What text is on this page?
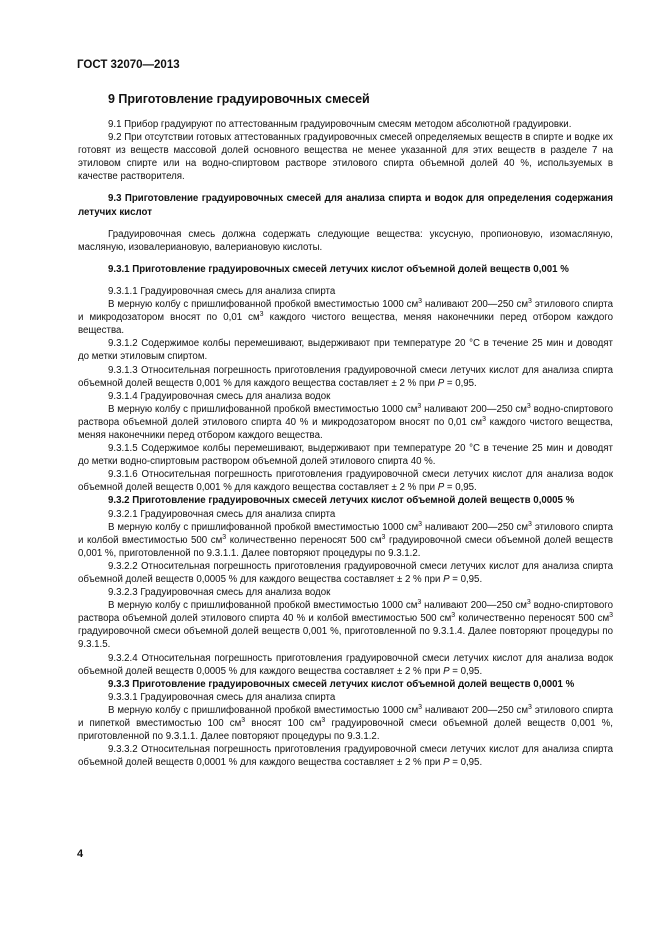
ГОСТ 32070—2013
9 Приготовление градуировочных смесей

9.1 Прибор градуируют по аттестованным градуировочным смесям методом абсолютной градуировки.

9.2 При отсутствии готовых аттестованных градуировочных смесей определяемых веществ в спирте и водке их готовят из веществ массовой долей основного вещества не менее указанной для этих веществ в разделе 7 на этиловом спирте или на водно-спиртовом растворе этилового спирта объемной долей 40 %, используемых в качестве растворителя.

9.3 Приготовление градуировочных смесей для анализа спирта и водок для определения содержания летучих кислот

Градуировочная смесь должна содержать следующие вещества: уксусную, пропионовую, изомасляную, масляную, изовалериановую, валериановую кислоты.

9.3.1 Приготовление градуировочных смесей летучих кислот объемной долей веществ 0,001 %

9.3.1.1 Градуировочная смесь для анализа спирта

В мерную колбу с пришлифованной пробкой вместимостью 1000 $см^3$ наливают 200—250 $см^3$ этилового спирта и микродозатором вносят по 0,01 $см^3$ каждого чистого вещества, меняя наконечники перед отбором каждого вещества.

9.3.1.2 Содержимое колбы перемешивают, выдерживают при температуре 20 °С в течение 25 мин и доводят до метки этиловым спиртом.

9.3.1.3 Относительная погрешность приготовления градуировочной смеси летучих кислот для анализа спирта объемной долей веществ 0,001 % для каждого вещества составляет ± 2 % при P = 0,95.

9.3.1.4 Градуировочная смесь для анализа водок

В мерную колбу с пришлифованной пробкой вместимостью 1000 $см^3$ наливают 200—250 $см^3$ водно-спиртового раствора объемной долей этилового спирта 40 % и микродозатором вносят по 0,01 $см^3$ каждого чистого вещества, меняя наконечники перед отбором каждого вещества.

9.3.1.5 Содержимое колбы перемешивают, выдерживают при температуре 20 °С в течение 25 мин и доводят до метки водно-спиртовым раствором объемной долей этилового спирта 40 %.

9.3.1.6 Относительная погрешность приготовления градуировочной смеси летучих кислот для анализа водок объемной долей веществ 0,001 % для каждого вещества составляет ± 2 % при P = 0,95.

9.3.2 Приготовление градуировочных смесей летучих кислот объемной долей веществ 0,0005 %

9.3.2.1 Градуировочная смесь для анализа спирта

В мерную колбу с пришлифованной пробкой вместимостью 1000 $см^3$ наливают 200—250 $см^3$ этилового спирта и колбой вместимостью 500 $см^3$ количественно переносят 500 $см^3$ градуировочной смеси объемной долей веществ 0,001 %, приготовленной по 9.3.1.1. Далее повторяют процедуры по 9.3.1.2.

9.3.2.2 Относительная погрешность приготовления градуировочной смеси летучих кислот для анализа спирта объемной долей веществ 0,0005 % для каждого вещества составляет ± 2 % при P = 0,95.

9.3.2.3 Градуировочная смесь для анализа водок

В мерную колбу с пришлифованной пробкой вместимостью 1000 $см^3$ наливают 200—250 $см^3$ водно-спиртового раствора объемной долей этилового спирта 40 % и колбой вместимостью 500 $см^3$ количественно переносят 500 $см^3$ градуировочной смеси объемной долей веществ 0,001 %, приготовленной по 9.3.1.4. Далее повторяют процедуры по 9.3.1.5.

9.3.2.4 Относительная погрешность приготовления градуировочной смеси летучих кислот для анализа водок объемной долей веществ 0,0005 % для каждого вещества составляет ± 2 % при P = 0,95.

9.3.3 Приготовление градуировочных смесей летучих кислот объемной долей веществ 0,0001 %

9.3.3.1 Градуировочная смесь для анализа спирта

В мерную колбу с пришлифованной пробкой вместимостью 1000 $см^3$ наливают 200—250 $см^3$ этилового спирта и пипеткой вместимостью 100 $см^3$ вносят 100 $см^3$ градуировочной смеси объемной долей веществ 0,001 %, приготовленной по 9.3.1.1. Далее повторяют процедуры по 9.3.1.2.

9.3.3.2 Относительная погрешность приготовления градуировочной смеси летучих кислот для анализа спирта объемной долей веществ 0,0001 % для каждого вещества составляет ± 2 % при P = 0,95.

4
